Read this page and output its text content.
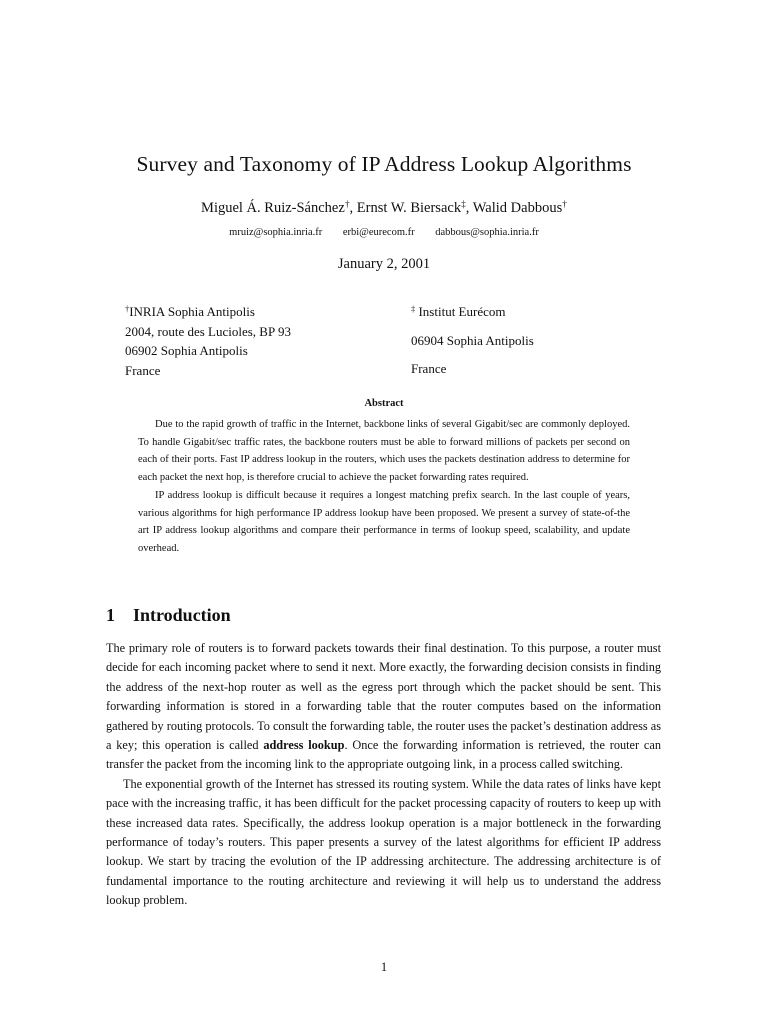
Survey and Taxonomy of IP Address Lookup Algorithms
Miguel Á. Ruiz-Sánchez†, Ernst W. Biersack‡, Walid Dabbous†
mruiz@sophia.inria.fr erbi@eurecom.fr dabbous@sophia.inria.fr
January 2, 2001
†INRIA Sophia Antipolis
2004, route des Lucioles, BP 93
06902 Sophia Antipolis
France
‡ Institut Eurécom
06904 Sophia Antipolis
France
Abstract

Due to the rapid growth of traffic in the Internet, backbone links of several Gigabit/sec are commonly deployed. To handle Gigabit/sec traffic rates, the backbone routers must be able to forward millions of packets per second on each of their ports. Fast IP address lookup in the routers, which uses the packets destination address to determine for each packet the next hop, is therefore crucial to achieve the packet forwarding rates required.

IP address lookup is difficult because it requires a longest matching prefix search. In the last couple of years, various algorithms for high performance IP address lookup have been proposed. We present a survey of state-of-the art IP address lookup algorithms and compare their performance in terms of lookup speed, scalability, and update overhead.

1 Introduction

The primary role of routers is to forward packets towards their final destination. To this purpose, a router must decide for each incoming packet where to send it next. More exactly, the forwarding decision consists in finding the address of the next-hop router as well as the egress port through which the packet should be sent. This forwarding information is stored in a forwarding table that the router computes based on the information gathered by routing protocols. To consult the forwarding table, the router uses the packet’s destination address as a key; this operation is called address lookup. Once the forwarding information is retrieved, the router can transfer the packet from the incoming link to the appropriate outgoing link, in a process called switching.

The exponential growth of the Internet has stressed its routing system. While the data rates of links have kept pace with the increasing traffic, it has been difficult for the packet processing capacity of routers to keep up with these increased data rates. Specifically, the address lookup operation is a major bottleneck in the forwarding performance of today’s routers. This paper presents a survey of the latest algorithms for efficient IP address lookup. We start by tracing the evolution of the IP addressing architecture. The addressing architecture is of fundamental importance to the routing architecture and reviewing it will help us to understand the address lookup problem.

1
